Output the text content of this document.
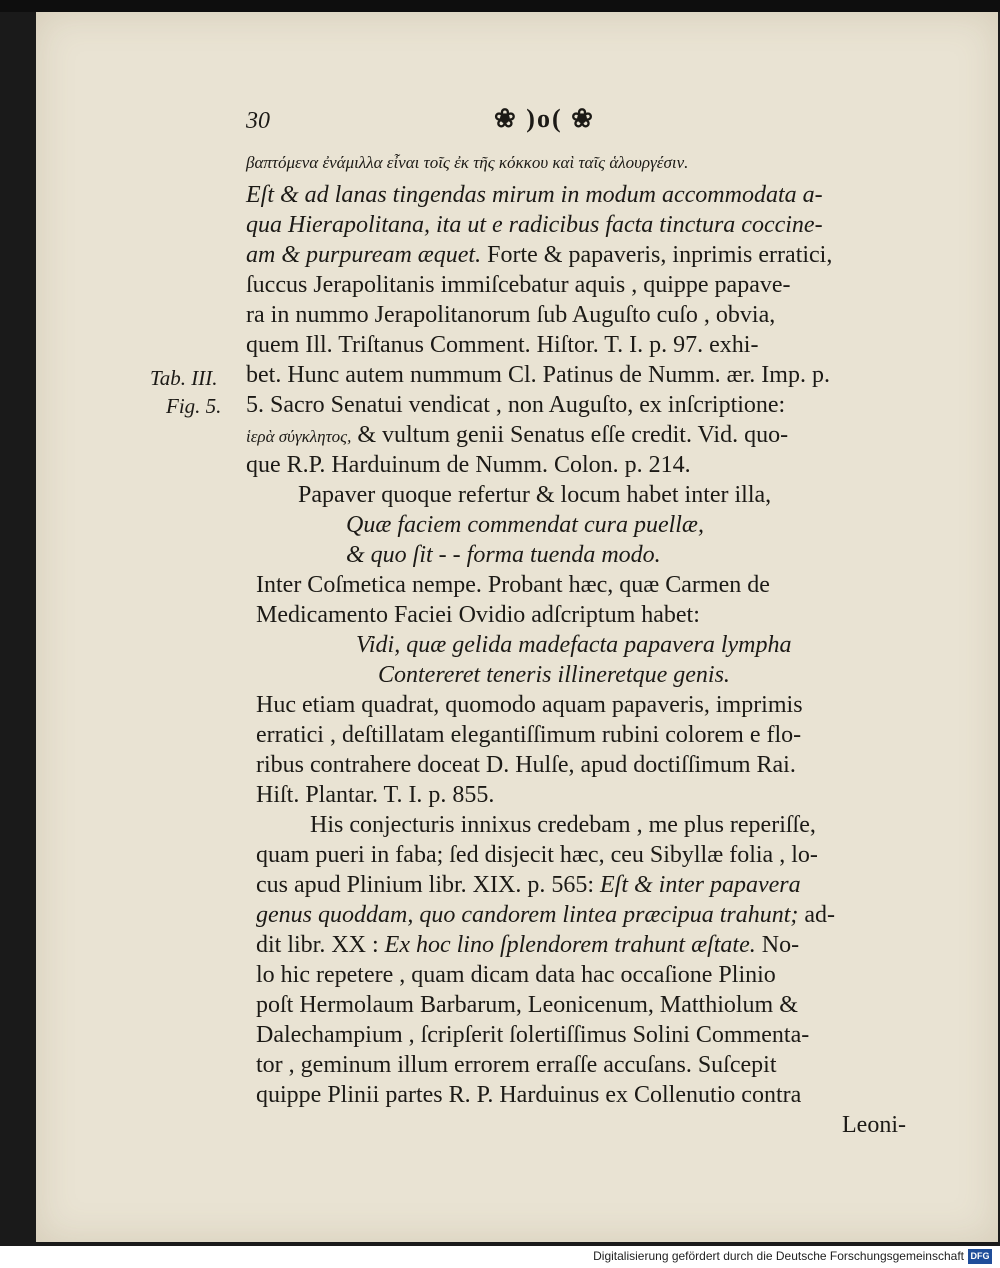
30	❀ )o( ❀
Tab. III.
Fig. 5.
βαπτόμενα ἐνάμιλλα εἶναι τοῖς ἐκ τῆς κόκκου καὶ ταῖς ἁλουργέσιν.
Eſt & ad lanas tingendas mirum in modum accommodata a-
qua Hierapolitana, ita ut e radicibus facta tinctura coccine-
am & purpuream æquet. Forte & papaveris, inprimis erratici,
ſuccus Jerapolitanis immiſcebatur aquis , quippe papave-
ra in nummo Jerapolitanorum ſub Auguſto cuſo , obvia,
quem Ill. Triſtanus Comment. Hiſtor. T. I. p. 97. exhi-
bet. Hunc autem nummum Cl. Patinus de Numm. ær. Imp. p.
5. Sacro Senatui vendicat , non Auguſto, ex inſcriptione:
ἱερὰ σύγκλητος, & vultum genii Senatus eſſe credit. Vid. quo-
que R.P. Harduinum de Numm. Colon. p. 214.
Papaver quoque refertur & locum habet inter illa,
Quæ faciem commendat cura puellæ,
& quo ſit - - forma tuenda modo.
Inter Coſmetica nempe. Probant hæc, quæ Carmen de
Medicamento Faciei Ovidio adſcriptum habet:
Vidi, quæ gelida madefacta papavera lympha
Contereret teneris illineretque genis.
Huc etiam quadrat, quomodo aquam papaveris, imprimis
erratici , deſtillatam elegantiſſimum rubini colorem e flo-
ribus contrahere doceat D. Hulſe, apud doctiſſimum Rai.
Hiſt. Plantar. T. I. p. 855.
His conjecturis innixus credebam , me plus reperiſſe,
quam pueri in faba; ſed disjecit hæc, ceu Sibyllæ folia , lo-
cus apud Plinium libr. XIX. p. 565: Eſt & inter papavera
genus quoddam, quo candorem lintea præcipua trahunt; ad-
dit libr. XX : Ex hoc lino ſplendorem trahunt æſtate. No-
lo hic repetere , quam dicam data hac occaſione Plinio
poſt Hermolaum Barbarum, Leonicenum, Matthiolum &
Dalechampium , ſcripſerit ſolertiſſimus Solini Commenta-
tor , geminum illum errorem erraſſe accuſans. Suſcepit
quippe Plinii partes R. P. Harduinus ex Collenutio contra
Leoni-
Digitalisierung gefördert durch die Deutsche Forschungsgemeinschaft DFG
